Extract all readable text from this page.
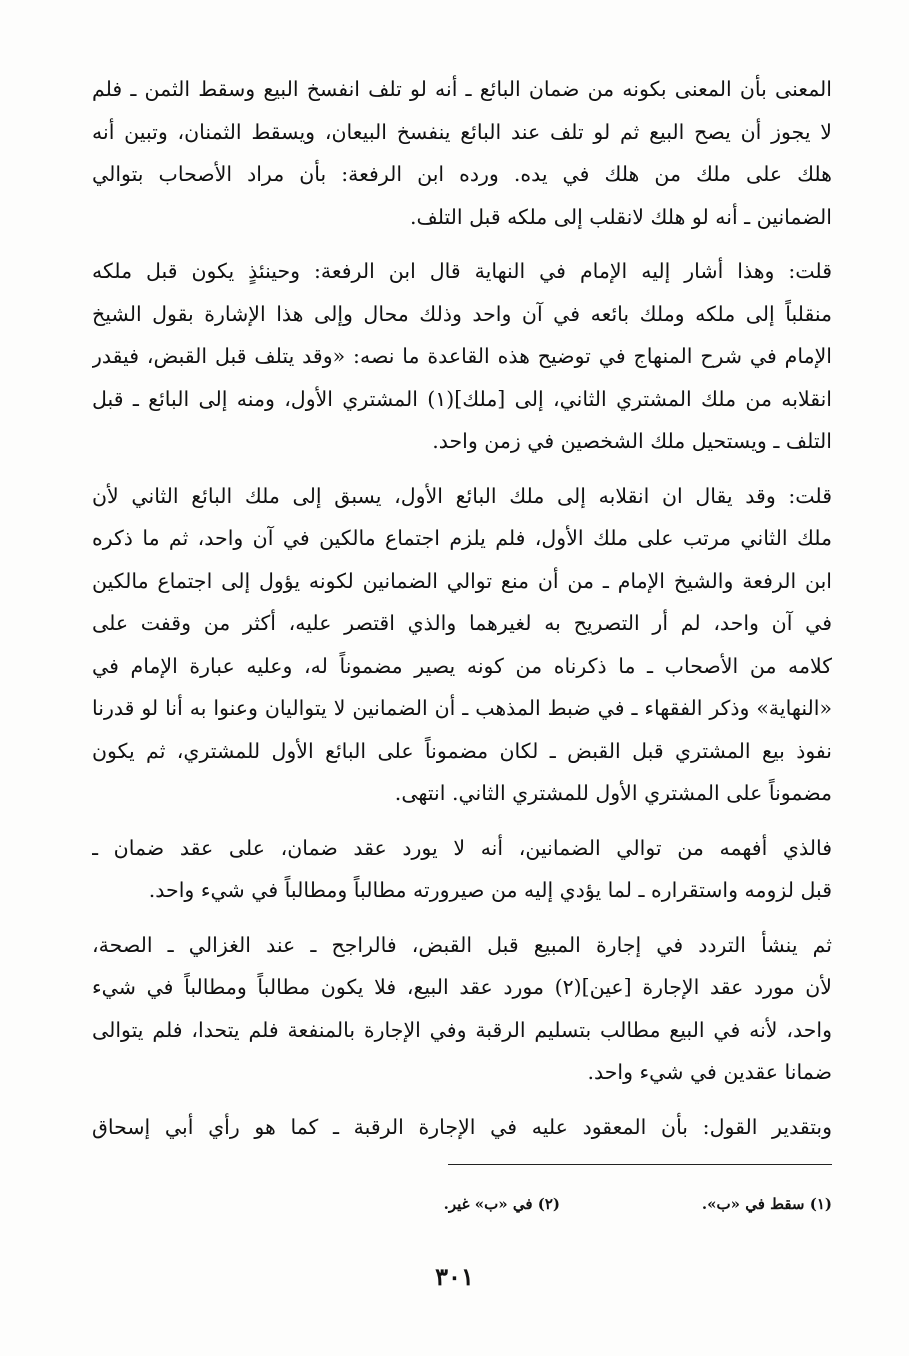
المعنى بأن المعنى بكونه من ضمان البائع ـ أنه لو تلف انفسخ البيع وسقط الثمن ـ فلم
لا يجوز أن يصح البيع ثم لو تلف عند البائع ينفسخ البيعان، ويسقط الثمنان، وتبين أنه
هلك على ملك من هلك في يده. ورده ابن الرفعة: بأن مراد الأصحاب بتوالي
الضمانين ـ أنه لو هلك لانقلب إلى ملكه قبل التلف.
قلت: وهذا أشار إليه الإمام في النهاية قال ابن الرفعة: وحينئذٍ يكون قبل ملكه
منقلباً إلى ملكه وملك بائعه في آن واحد وذلك محال وإلى هذا الإشارة بقول الشيخ
الإمام في شرح المنهاج في توضيح هذه القاعدة ما نصه: «وقد يتلف قبل القبض، فيقدر
انقلابه من ملك المشتري الثاني، إلى [ملك](١) المشتري الأول، ومنه إلى البائع ـ قبل
التلف ـ ويستحيل ملك الشخصين في زمن واحد.
قلت: وقد يقال ان انقلابه إلى ملك البائع الأول، يسبق إلى ملك البائع الثاني لأن
ملك الثاني مرتب على ملك الأول، فلم يلزم اجتماع مالكين في آن واحد، ثم ما ذكره
ابن الرفعة والشيخ الإمام ـ من أن منع توالي الضمانين لكونه يؤول إلى اجتماع مالكين
في آن واحد، لم أر التصريح به لغيرهما والذي اقتصر عليه، أكثر من وقفت على
كلامه من الأصحاب ـ ما ذكرناه من كونه يصير مضموناً له، وعليه عبارة الإمام في
«النهاية» وذكر الفقهاء ـ في ضبط المذهب ـ أن الضمانين لا يتواليان وعنوا به أنا لو قدرنا
نفوذ بيع المشتري قبل القبض ـ لكان مضموناً على البائع الأول للمشتري، ثم يكون
مضموناً على المشتري الأول للمشتري الثاني. انتهى.
فالذي أفهمه من توالي الضمانين، أنه لا يورد عقد ضمان، على عقد ضمان ـ
قبل لزومه واستقراره ـ لما يؤدي إليه من صيرورته مطالباً ومطالباً في شيء واحد.
ثم ينشأ التردد في إجارة المبيع قبل القبض، فالراجح ـ عند الغزالي ـ الصحة،
لأن مورد عقد الإجارة [عين](٢) مورد عقد البيع، فلا يكون مطالباً ومطالباً في شيء
واحد، لأنه في البيع مطالب بتسليم الرقبة وفي الإجارة بالمنفعة فلم يتحدا، فلم يتوالى
ضمانا عقدين في شيء واحد.
وبتقدير القول: بأن المعقود عليه في الإجارة الرقبة ـ كما هو رأي أبي إسحاق
(١) سقط في «ب».
(٢) في «ب» غير.
٣٠١
